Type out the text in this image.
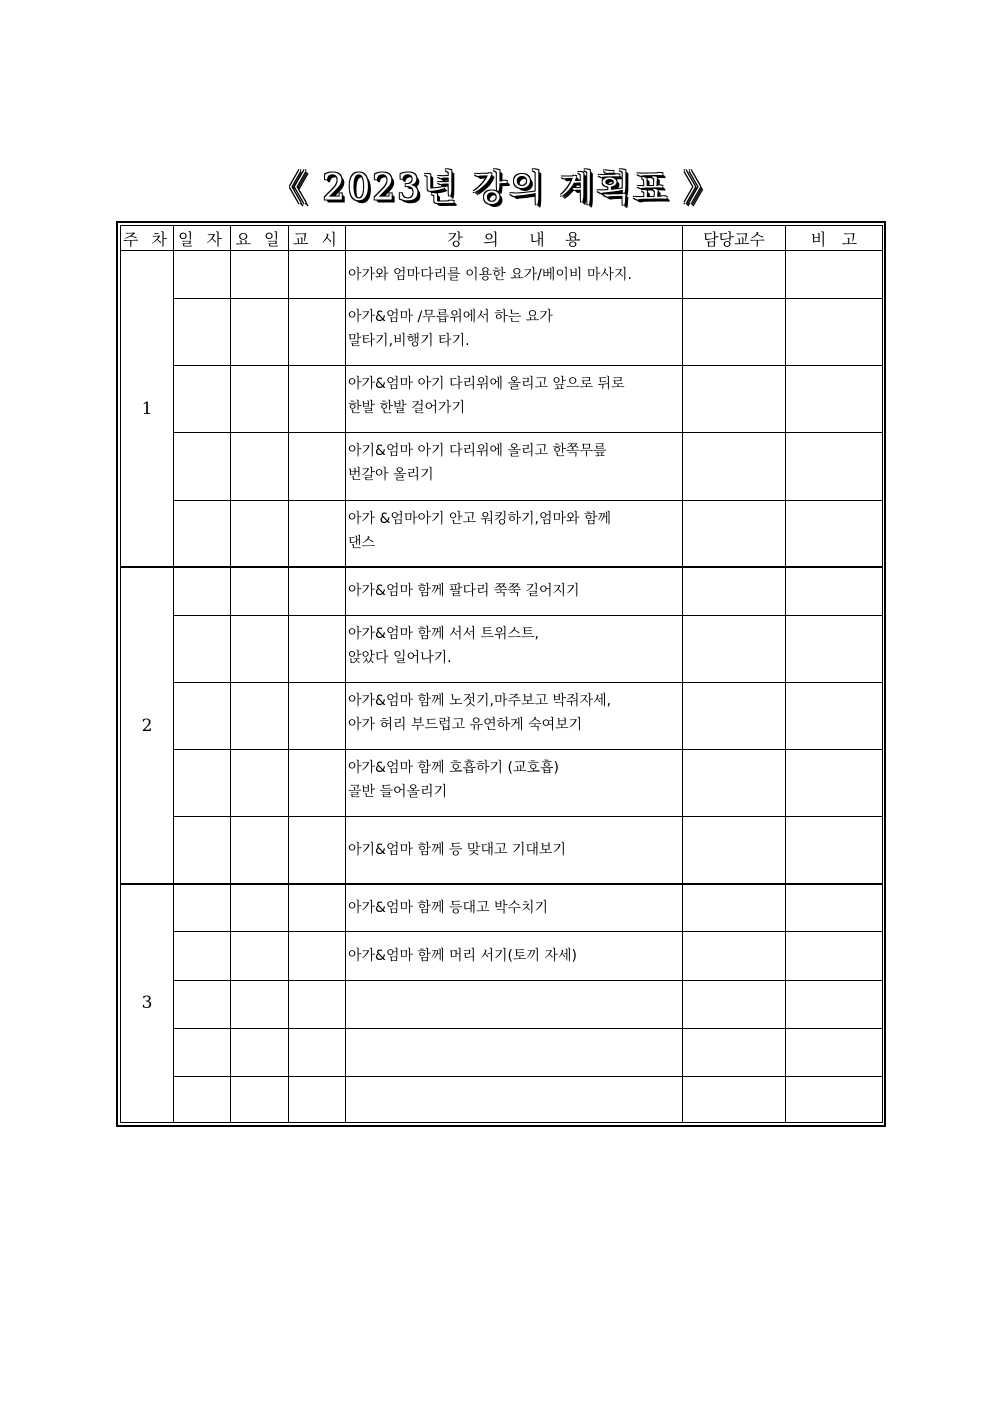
《 2023년 강의 계획표 》
주 차	일 자	요 일	교 시	강    의      내    용	담당교수	비   고
1				아가와 엄마다리를 이용한 요가/베이비 마사지.		

				아가&엄마 /무릅위에서 하는 요가
말타기,비행기 타기.		

				아가&엄마 아기 다리위에 올리고 앞으로 뒤로
한발 한발 걸어가기		

				아기&엄마 아기 다리위에 올리고 한쪽무릎
번갈아 올리기		

				아가 &엄마아기 안고 워킹하기,엄마와 함께
댄스		

2				아가&엄마 함께 팔다리 쭉쭉 길어지기		

				아가&엄마 함께 서서 트위스트,
앉았다 일어나기.		

				아가&엄마 함께 노젓기,마주보고 박쥐자세,
아가 허리 부드럽고 유연하게 숙여보기		

				아가&엄마 함께 호흡하기 (교호흡)
골반 들어올리기		

				아기&엄마 함께 등 맞대고 기대보기		

3				아가&엄마 함께 등대고 박수치기		

				아가&엄마 함께 머리 서기(토끼 자세)		
